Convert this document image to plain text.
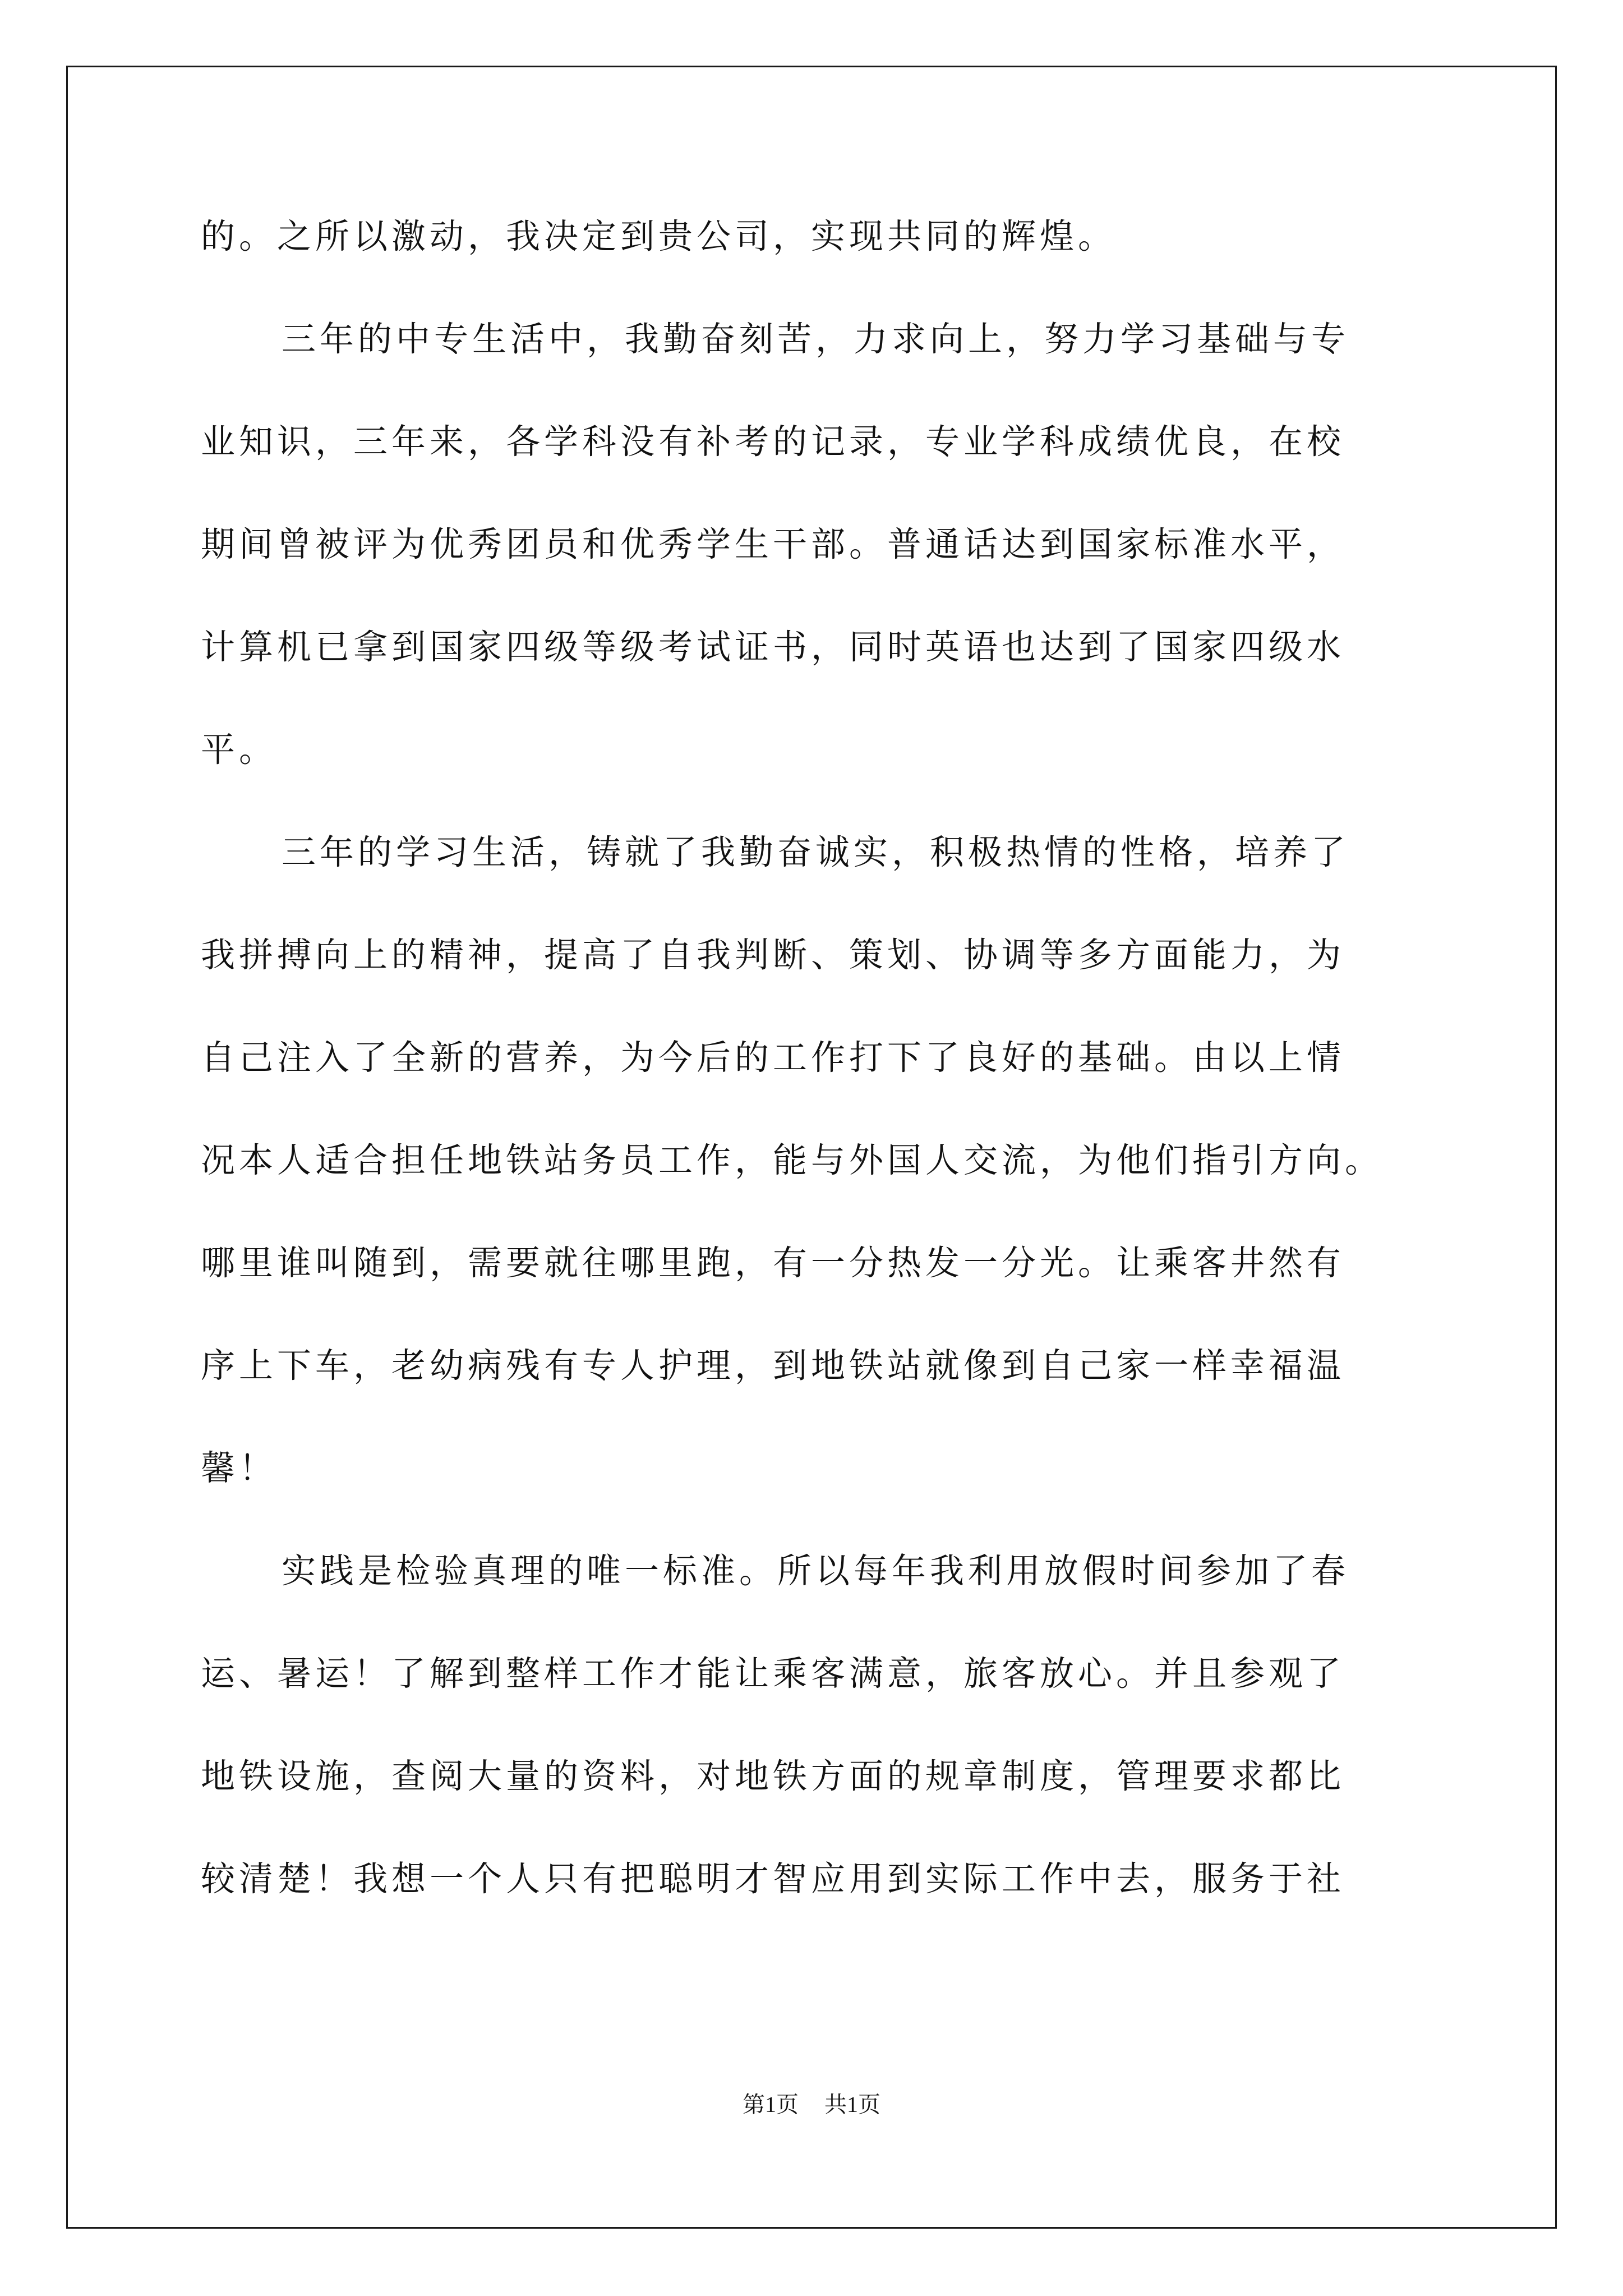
的。之所以激动，我决定到贵公司，实现共同的辉煌。
三年的中专生活中，我勤奋刻苦，力求向上，努力学习基础与专
业知识，三年来，各学科没有补考的记录，专业学科成绩优良，在校
期间曾被评为优秀团员和优秀学生干部。普通话达到国家标准水平，
计算机已拿到国家四级等级考试证书，同时英语也达到了国家四级水
平。
三年的学习生活，铸就了我勤奋诚实，积极热情的性格，培养了
我拼搏向上的精神，提高了自我判断、策划、协调等多方面能力，为
自己注入了全新的营养，为今后的工作打下了良好的基础。由以上情
况本人适合担任地铁站务员工作，能与外国人交流，为他们指引方向。
哪里谁叫随到，需要就往哪里跑，有一分热发一分光。让乘客井然有
序上下车，老幼病残有专人护理，到地铁站就像到自己家一样幸福温
馨！
实践是检验真理的唯一标准。所以每年我利用放假时间参加了春
运、暑运！了解到整样工作才能让乘客满意，旅客放心。并且参观了
地铁设施，查阅大量的资料，对地铁方面的规章制度，管理要求都比
较清楚！我想一个人只有把聪明才智应用到实际工作中去，服务于社
第1页 共1页
